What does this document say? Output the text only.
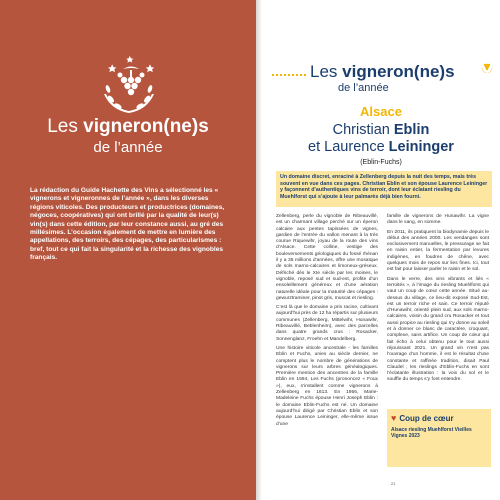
Les vigneron(ne)s
de l’année
La rédaction du Guide Hachette des Vins a sélectionné les « vignerons et vigneronnes de l’année », dans les diverses régions viticoles. Des producteurs et productrices (domaines, négoces, coopératives) qui ont brillé par la qualité de leur(s) vin(s) dans cette édition, par leur constance aussi, au gré des millésimes. L’occasion également de mettre en lumière des appellations, des terroirs, des cépages, des particularismes : bref, tout ce qui fait la singularité et la richesse des vignobles français.
Les vigneron(ne)s
de l’année
Alsace
Christian Eblin
et Laurence Leininger
(Eblin-Fuchs)
Un domaine discret, enraciné à Zellenberg depuis la nuit des temps, mais très souvent en vue dans ces pages. Christian Eblin et son épouse Laurence Leininger y façonnent d’authentiques vins de terroir, dont leur éclatant riesling du Muehlforst qui s’ajoute à leur palmarès déjà bien fourni.

Zellenberg, perle du vignoble de Ribeauvillé, est un charmant village perché sur un éperon calcaire aux pentes tapissées de vignes, gardien de l’entrée du vallon menant à la très courue Riquewihr, joyau de la route des vins d’Alsace. Cette colline, vestige des bouleversements géologiques du fossé rhénan il y a 35 millions d’années, offre une mosaïque de sols marno-calcaires et limoneux-gréseux. Défriché dès le XIe siècle par les moines, le vignoble, reposé sud et sud-est, profite d’un ensoleillement généreux et d’une aération naturelle idéale pour la maturité des cépages : gewurztraminer, pinot gris, muscat et riesling.

C’est là que le domaine a pris racine, cultivant aujourd’hui près de 12 ha répartis sur plusieurs communes (Zellenberg, Mittelwihr, Hunawihr, Ribeauvillé, Beblenheim), avec des parcelles dans quatre grands crus : Rosacker, Sonnenglanz, Froehn et Mandelberg.

Une histoire viticole ancestrale - les familles Eblin et Fuchs, unies au siècle dernier, ne comptent plus le nombre de générations de vignerons sur leurs arbres généalogiques. Première mention des ancestres de la famille Eblin en 1594, Les Fuchs (prononcez « Foux »), eux, s’installent comme vignerons à Zellenberg en 1613. En 1956, Marie-Madeleine Fuchs épouse Henri Joseph Eblin : le domaine Eblin-Fuchs est né. Un domaine aujourd’hui dirigé par Christian Eblin et son épouse Laurence Leininger, elle-même issue d’une

famille de vignerons de Hunawihr. La vigne dans le sang, en somme.

En 2011, ils pratiquent la biodynamie depuis le début des années 2000. Les vendanges sont exclusivement manuelles, le pressurage se fait en raisin entier, la fermentation par levures indigènes, en foudres de chêne, avec quelques mois de repos sur lies fines. Ici, tout est fait pour laisser parler le raisin et le sol.

Dans le verre, des vins vibrants et liés « terroités », à l’image du riesling Muehlforst qui vaut un coup de cœur cette année. Situé au-dessus du village, ce lieu-dit exposé Sud-Est, est un terroir riche et sain. Ce terroir réputé d’Hunawihr, orienté plein sud, aux sols marno-calcaires, voisin du grand cru Rosacker et tout aussi propice au riesling qui s’y donne au soleil et à donner ce blanc de caractère, croquant, complexe, sans artifice. Un coup de cœur qui fait écho à celui obtenu pour le tout aussi réjouissant 2021. Un grand vin n’est pas l’ouvrage d’un homme, il est le résultat d’une constante et raffinée tradition, disait Paul Claudel ; les rieslings d’Eblin-Fuchs en sont l’éclatante illustration : la voix du sol et le souffle du temps s’y font entendre.

♥ Coup de cœur
Alsace riesling Muehlforst Vieilles Vignes 2023
21
